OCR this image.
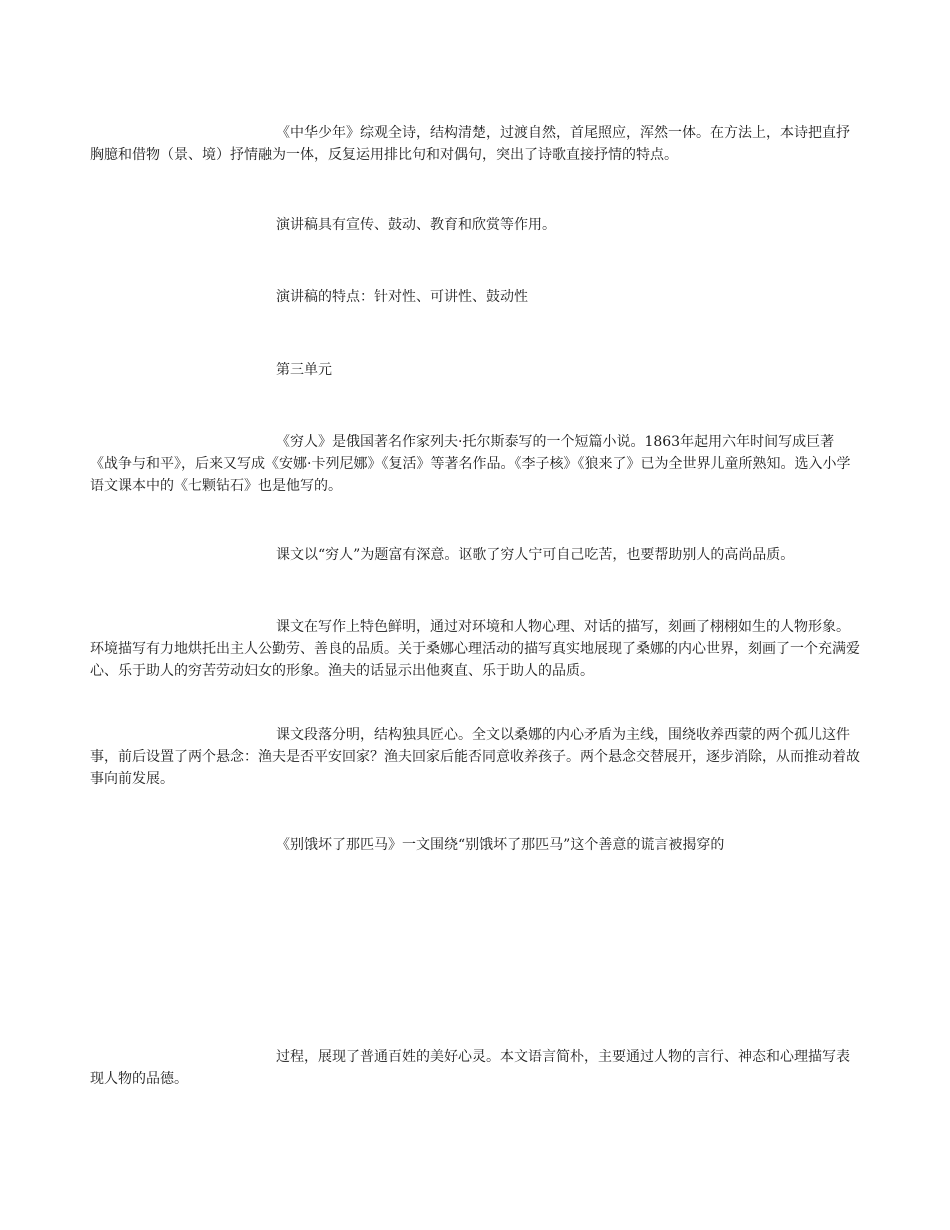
《中华少年》综观全诗，结构清楚，过渡自然，首尾照应，浑然一体。在方法上，本诗把直抒胸臆和借物（景、境）抒情融为一体，反复运用排比句和对偶句，突出了诗歌直接抒情的特点。

演讲稿具有宣传、鼓动、教育和欣赏等作用。

演讲稿的特点：针对性、可讲性、鼓动性

第三单元

《穷人》是俄国著名作家列夫·托尔斯泰写的一个短篇小说。1863年起用六年时间写成巨著《战争与和平》，后来又写成《安娜·卡列尼娜》《复活》等著名作品。《李子核》《狼来了》已为全世界儿童所熟知。选入小学语文课本中的《七颗钻石》也是他写的。

课文以“穷人”为题富有深意。讴歌了穷人宁可自己吃苦，也要帮助别人的高尚品质。

课文在写作上特色鲜明，通过对环境和人物心理、对话的描写，刻画了栩栩如生的人物形象。环境描写有力地烘托出主人公勤劳、善良的品质。关于桑娜心理活动的描写真实地展现了桑娜的内心世界，刻画了一个充满爱心、乐于助人的穷苦劳动妇女的形象。渔夫的话显示出他爽直、乐于助人的品质。

课文段落分明，结构独具匠心。全文以桑娜的内心矛盾为主线，围绕收养西蒙的两个孤儿这件事，前后设置了两个悬念：渔夫是否平安回家？渔夫回家后能否同意收养孩子。两个悬念交替展开，逐步消除，从而推动着故事向前发展。

《别饿坏了那匹马》一文围绕“别饿坏了那匹马”这个善意的谎言被揭穿的

过程，展现了普通百姓的美好心灵。本文语言简朴，主要通过人物的言行、神态和心理描写表现人物的品德。
